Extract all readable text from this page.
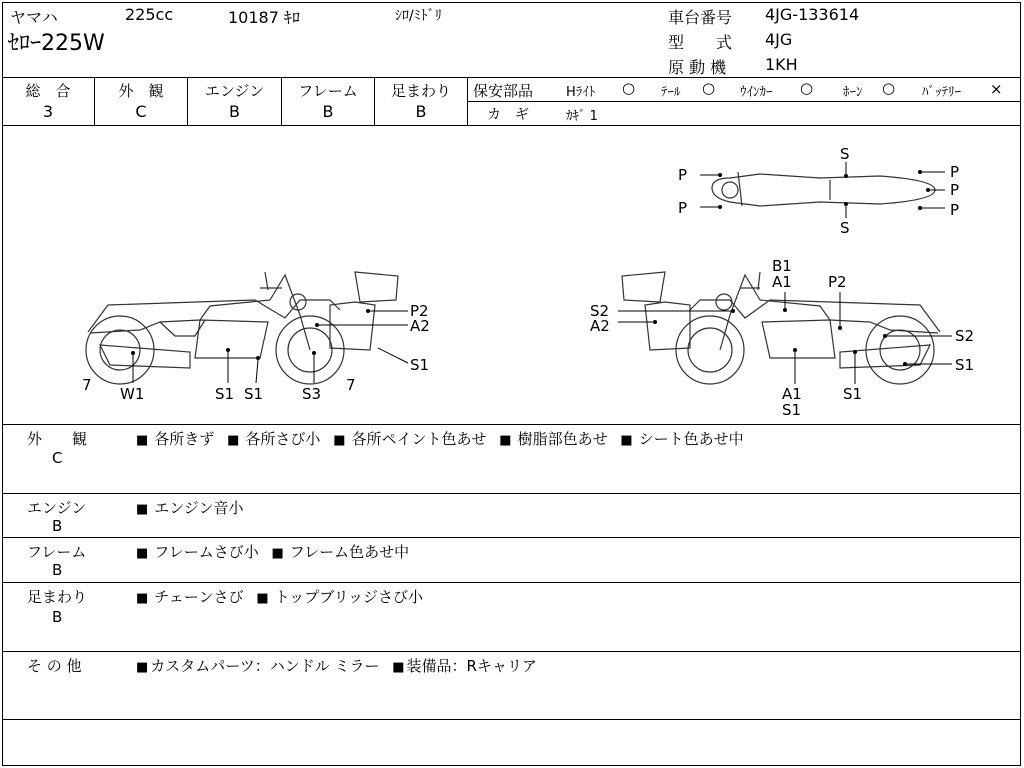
ヤマハ	225cc	10187 ｷﾛ	ｼﾛ/ﾐﾄﾞﾘ
ｾﾛｰ225W
車台番号 4JG-133614
型　　式 4JG
原 動 機 1KH
総　合	外　観	エンジン	フレーム	足まわり
3	C	B	B	B
保安部品	Hﾗｲﾄ ○ ﾃｰﾙ ○ ｳｲﾝｶｰ ○ ﾎｰﾝ ○ ﾊﾞｯﾃﾘｰ ×
カ　ギ	ｶｷﾞ 1
P
P
P
P
P
S
S
P2
A2
S1
W1	S1 S1	S3
7	7
B1
A1 P2
S2
A2
S2
S1
A1
S1
S1
外　　観
C
■ 各所きず ■ 各所さび小 ■ 各所ペイント色あせ ■ 樹脂部色あせ ■ シート色あせ中
エンジン
B
■ エンジン音小
フレーム
B
■ フレームさび小 ■ フレーム色あせ中
足まわり
B
■ チェーンさび ■ トップブリッジさび小
そ の 他	■ カスタムパーツ：ハンドル ミラー ■ 装備品：Rキャリア
